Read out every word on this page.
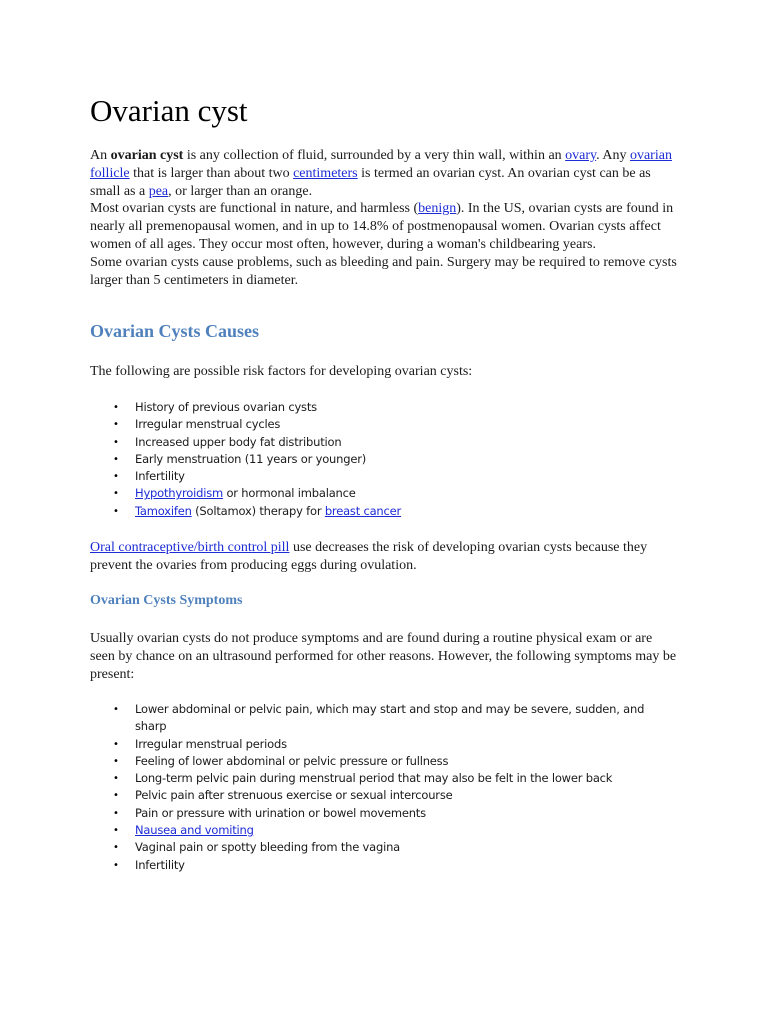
Ovarian cyst

An ovarian cyst is any collection of fluid, surrounded by a very thin wall, within an ovary. Any ovarian follicle that is larger than about two centimeters is termed an ovarian cyst. An ovarian cyst can be as small as a pea, or larger than an orange.

Most ovarian cysts are functional in nature, and harmless (benign). In the US, ovarian cysts are found in nearly all premenopausal women, and in up to 14.8% of postmenopausal women. Ovarian cysts affect women of all ages. They occur most often, however, during a woman's childbearing years.

Some ovarian cysts cause problems, such as bleeding and pain. Surgery may be required to remove cysts larger than 5 centimeters in diameter.

Ovarian Cysts Causes

The following are possible risk factors for developing ovarian cysts:

• History of previous ovarian cysts
• Irregular menstrual cycles
• Increased upper body fat distribution
• Early menstruation (11 years or younger)
• Infertility
• Hypothyroidism or hormonal imbalance
• Tamoxifen (Soltamox) therapy for breast cancer

Oral contraceptive/birth control pill use decreases the risk of developing ovarian cysts because they prevent the ovaries from producing eggs during ovulation.

Ovarian Cysts Symptoms

Usually ovarian cysts do not produce symptoms and are found during a routine physical exam or are seen by chance on an ultrasound performed for other reasons. However, the following symptoms may be present:

• Lower abdominal or pelvic pain, which may start and stop and may be severe, sudden, and sharp
• Irregular menstrual periods
• Feeling of lower abdominal or pelvic pressure or fullness
• Long-term pelvic pain during menstrual period that may also be felt in the lower back
• Pelvic pain after strenuous exercise or sexual intercourse
• Pain or pressure with urination or bowel movements
• Nausea and vomiting
• Vaginal pain or spotty bleeding from the vagina
• Infertility
